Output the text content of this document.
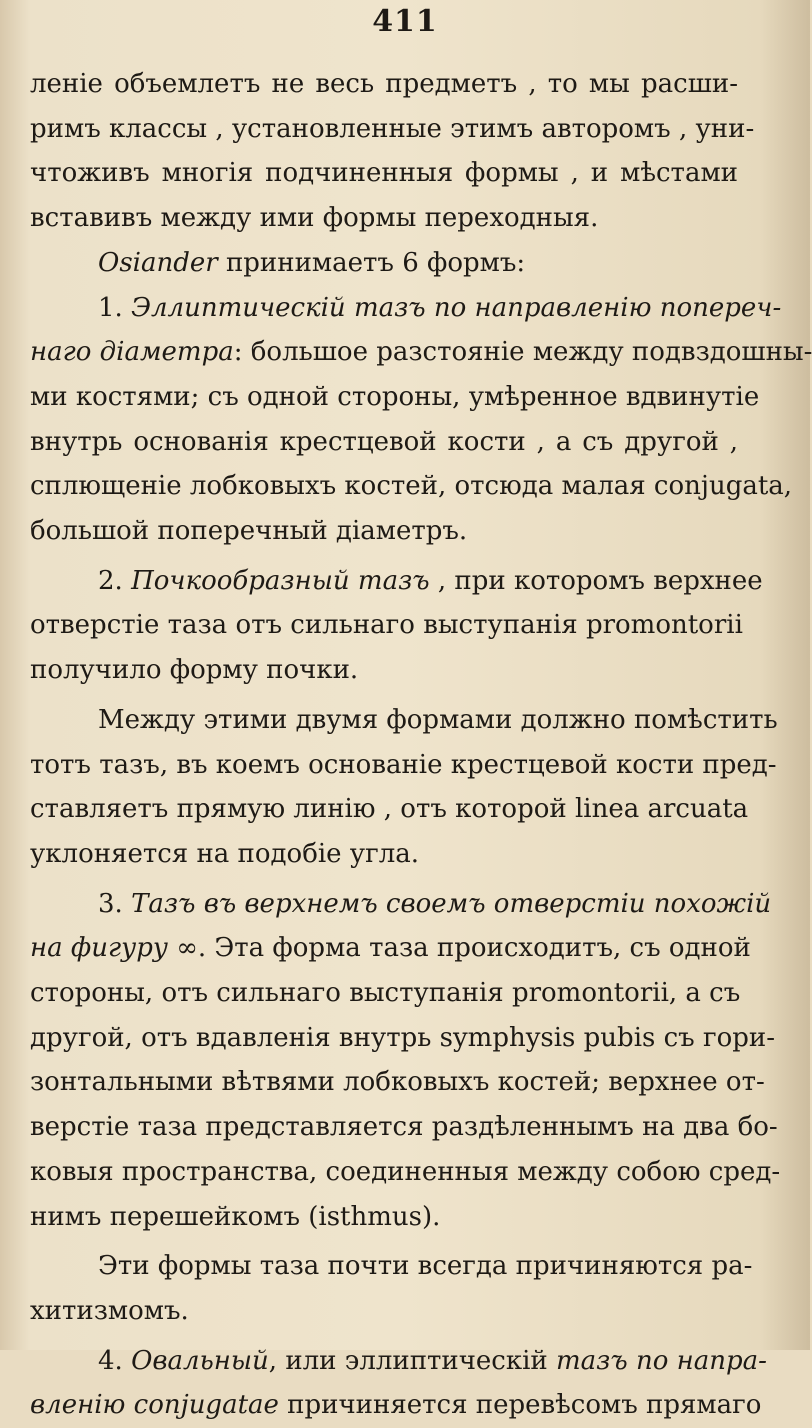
411

леніе объемлетъ не весь предметъ , то мы расши-
римъ классы , установленные этимъ авторомъ , уни-
чтоживъ многія подчиненныя формы , и мѣстами
вставивъ между ими формы переходныя.

Osiander принимаетъ 6 формъ:

1. Эллиптическій тазъ по направленію попереч-
наго діаметра: большое разстояніе между подвздошны-
ми костями; съ одной стороны, умѣренное вдвинутіе
внутрь основанія крестцевой кости , а съ другой ,
сплющеніе лобковыхъ костей, отсюда малая conjugata,
большой поперечный діаметръ.

2. Почкообразный тазъ , при которомъ верхнее
отверстіе таза отъ сильнаго выступанія promontorii
получило форму почки.

Между этими двумя формами должно помѣстить
тотъ тазъ, въ коемъ основаніе крестцевой кости пред-
ставляетъ прямую линію , отъ которой linea arcuata
уклоняется на подобіе угла.

3. Тазъ въ верхнемъ своемъ отверстіи похожій
на фигуру ∞. Эта форма таза происходитъ, съ одной
стороны, отъ сильнаго выступанія promontorii, а съ
другой, отъ вдавленія внутрь symphysis pubis съ гори-
зонтальными вѣтвями лобковыхъ костей; верхнее от-
верстіе таза представляется раздѣленнымъ на два бо-
ковыя пространства, соединенныя между собою сред-
нимъ перешейкомъ (isthmus).

Эти формы таза почти всегда причиняются ра-
хитизмомъ.

4. Овальный, или эллиптическій тазъ по напра-
вленію conjugatae причиняется перевѣсомъ прямаго
